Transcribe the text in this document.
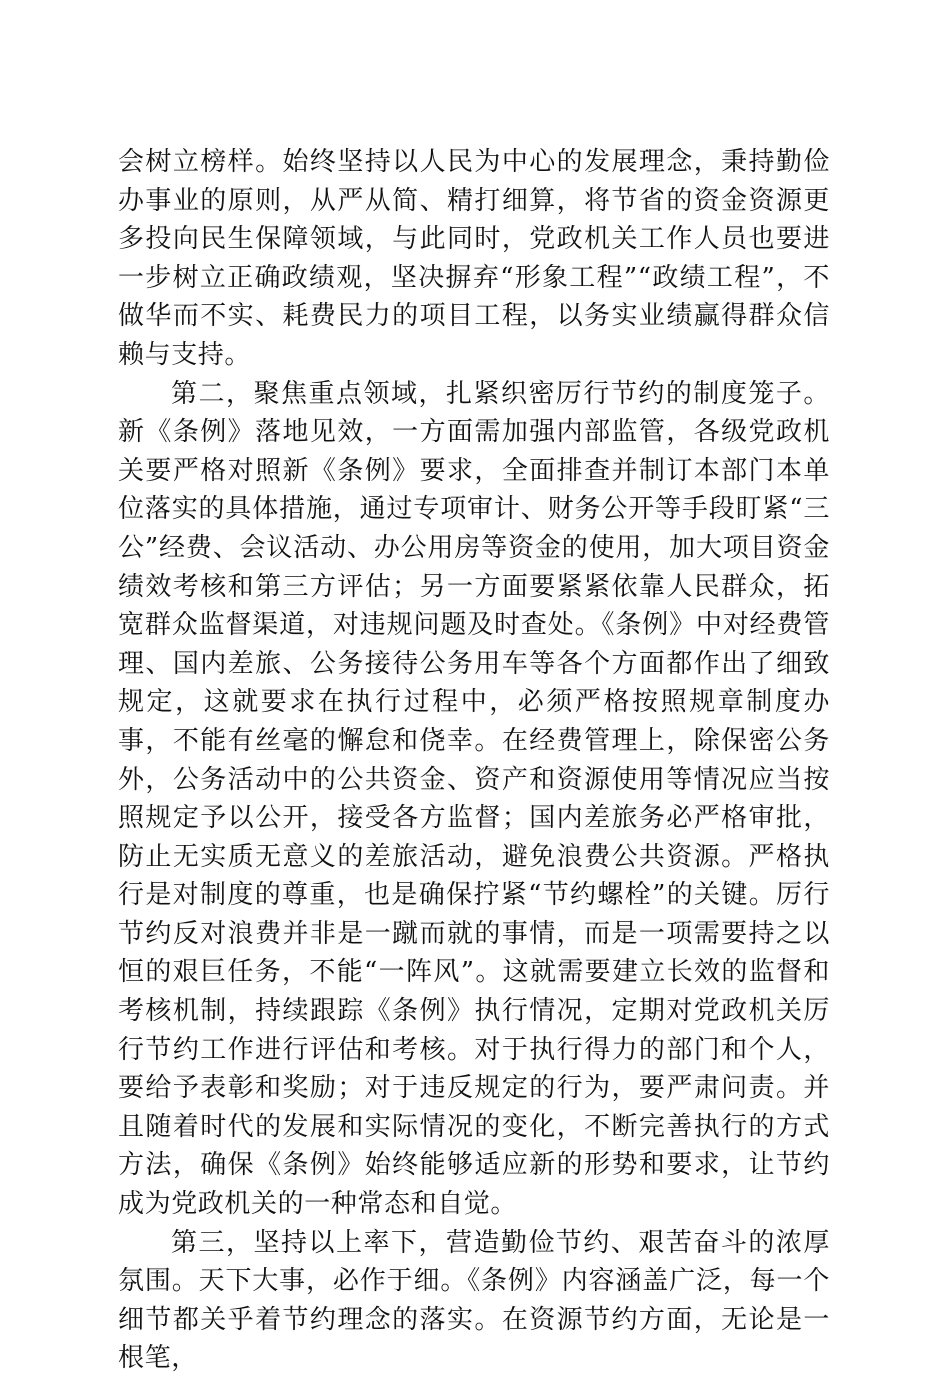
会树立榜样。始终坚持以人民为中心的发展理念，秉持勤俭办事业的原则，从严从简、精打细算，将节省的资金资源更多投向民生保障领域，与此同时，党政机关工作人员也要进一步树立正确政绩观，坚决摒弃“形象工程”“政绩工程”，不做华而不实、耗费民力的项目工程，以务实业绩赢得群众信赖与支持。

第二，聚焦重点领域，扎紧织密厉行节约的制度笼子。新《条例》落地见效，一方面需加强内部监管，各级党政机关要严格对照新《条例》要求，全面排查并制订本部门本单位落实的具体措施，通过专项审计、财务公开等手段盯紧“三公”经费、会议活动、办公用房等资金的使用，加大项目资金绩效考核和第三方评估；另一方面要紧紧依靠人民群众，拓宽群众监督渠道，对违规问题及时查处。《条例》中对经费管理、国内差旅、公务接待公务用车等各个方面都作出了细致规定，这就要求在执行过程中，必须严格按照规章制度办事，不能有丝毫的懈怠和侥幸。在经费管理上，除保密公务外，公务活动中的公共资金、资产和资源使用等情况应当按照规定予以公开，接受各方监督；国内差旅务必严格审批，防止无实质无意义的差旅活动，避免浪费公共资源。严格执行是对制度的尊重，也是确保拧紧“节约螺栓”的关键。厉行节约反对浪费并非是一蹴而就的事情，而是一项需要持之以恒的艰巨任务，不能“一阵风”。这就需要建立长效的监督和考核机制，持续跟踪《条例》执行情况，定期对党政机关厉行节约工作进行评估和考核。对于执行得力的部门和个人，要给予表彰和奖励；对于违反规定的行为，要严肃问责。并且随着时代的发展和实际情况的变化，不断完善执行的方式方法，确保《条例》始终能够适应新的形势和要求，让节约成为党政机关的一种常态和自觉。

第三，坚持以上率下，营造勤俭节约、艰苦奋斗的浓厚氛围。天下大事，必作于细。《条例》内容涵盖广泛，每一个细节都关乎着节约理念的落实。在资源节约方面，无论是一根笔，
